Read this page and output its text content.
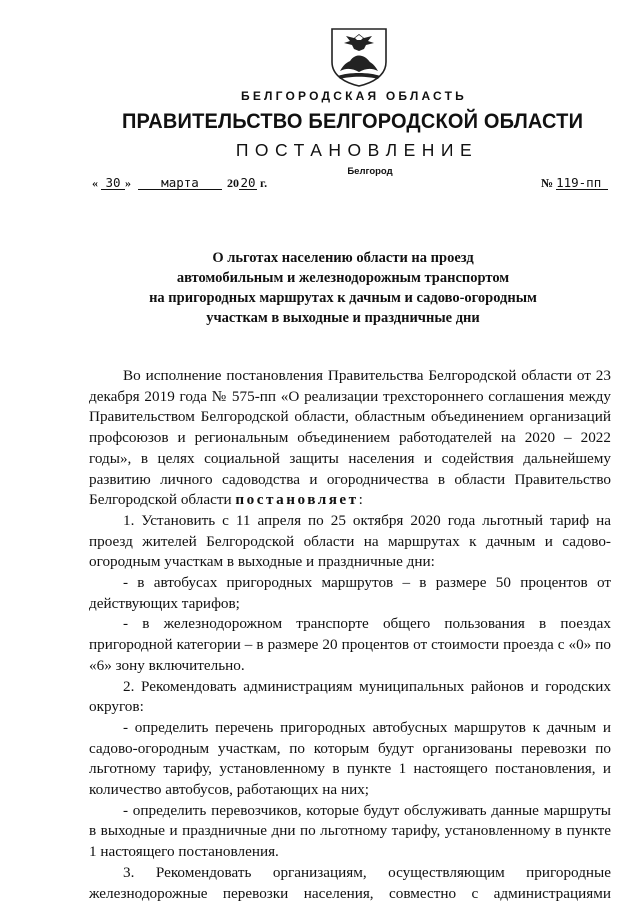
БЕЛГОРОДСКАЯ ОБЛАСТЬ
ПРАВИТЕЛЬСТВО БЕЛГОРОДСКОЙ ОБЛАСТИ
ПОСТАНОВЛЕНИЕ
Белгород
« 30 » марта 2020 г.	№ 119-пп
О льготах населению области на проезд
автомобильным и железнодорожным транспортом
на пригородных маршрутах к дачным и садово-огородным
участкам в выходные и праздничные дни

Во исполнение постановления Правительства Белгородской области от 23 декабря 2019 года № 575-пп «О реализации трехстороннего соглашения между Правительством Белгородской области, областным объединением организаций профсоюзов и региональным объединением работодателей на 2020 – 2022 годы», в целях социальной защиты населения и содействия дальнейшему развитию личного садоводства и огородничества в области Правительство Белгородской области постановляет:

1. Установить с 11 апреля по 25 октября 2020 года льготный тариф на проезд жителей Белгородской области на маршрутах к дачным и садово-огородным участкам в выходные и праздничные дни:

- в автобусах пригородных маршрутов – в размере 50 процентов от действующих тарифов;

- в железнодорожном транспорте общего пользования в поездах пригородной категории – в размере 20 процентов от стоимости проезда с «0» по «6» зону включительно.

2. Рекомендовать администрациям муниципальных районов и городских округов:

- определить перечень пригородных автобусных маршрутов к дачным и садово-огородным участкам, по которым будут организованы перевозки по льготному тарифу, установленному в пункте 1 настоящего постановления, и количество автобусов, работающих на них;

- определить перевозчиков, которые будут обслуживать данные маршруты в выходные и праздничные дни по льготному тарифу, установленному в пункте 1 настоящего постановления.

3. Рекомендовать организациям, осуществляющим пригородные железнодорожные перевозки населения, совместно с администрациями
